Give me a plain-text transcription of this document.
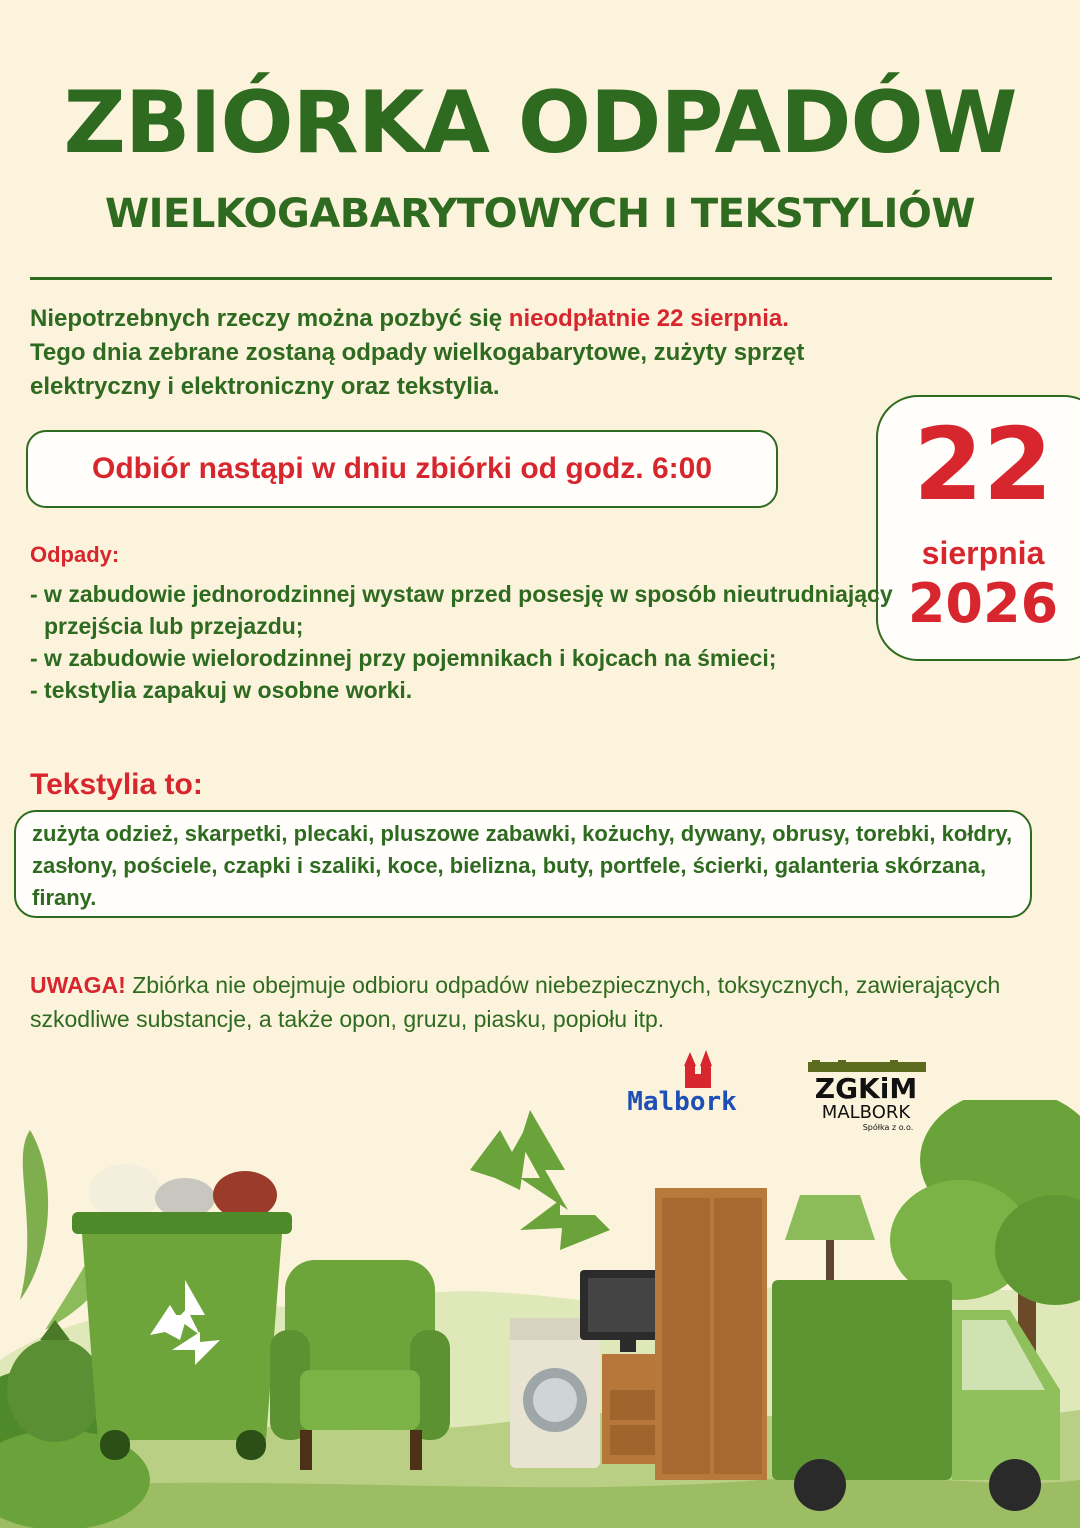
ZBIÓRKA ODPADÓW
WIELKOGABARYTOWYCH I TEKSTYLIÓW
Niepotrzebnych rzeczy można pozbyć się nieodpłatnie 22 sierpnia.
Tego dnia zebrane zostaną odpady wielkogabarytowe, zużyty sprzęt
elektryczny i elektroniczny oraz tekstylia.
Odbiór nastąpi w dniu zbiórki od godz. 6:00	22
sierpnia
2026
Odpady:
- w zabudowie jednorodzinnej wystaw przed posesję w sposób nieutrudniający przejścia lub przejazdu;
- w zabudowie wielorodzinnej przy pojemnikach i kojcach na śmieci;
- tekstylia zapakuj w osobne worki.
Tekstylia to:
zużyta odzież, skarpetki, plecaki, pluszowe zabawki, kożuchy, dywany, obrusy, torebki, kołdry, zasłony, pościele, czapki i szaliki, koce, bielizna, buty, portfele, ścierki, galanteria skórzana, firany.
UWAGA! Zbiórka nie obejmuje odbioru odpadów niebezpiecznych, toksycznych, zawierających szkodliwe substancje, a także opon, gruzu, piasku, popiołu itp.
Malbork	ZGKiM
MALBORK
Spółka z o.o.
